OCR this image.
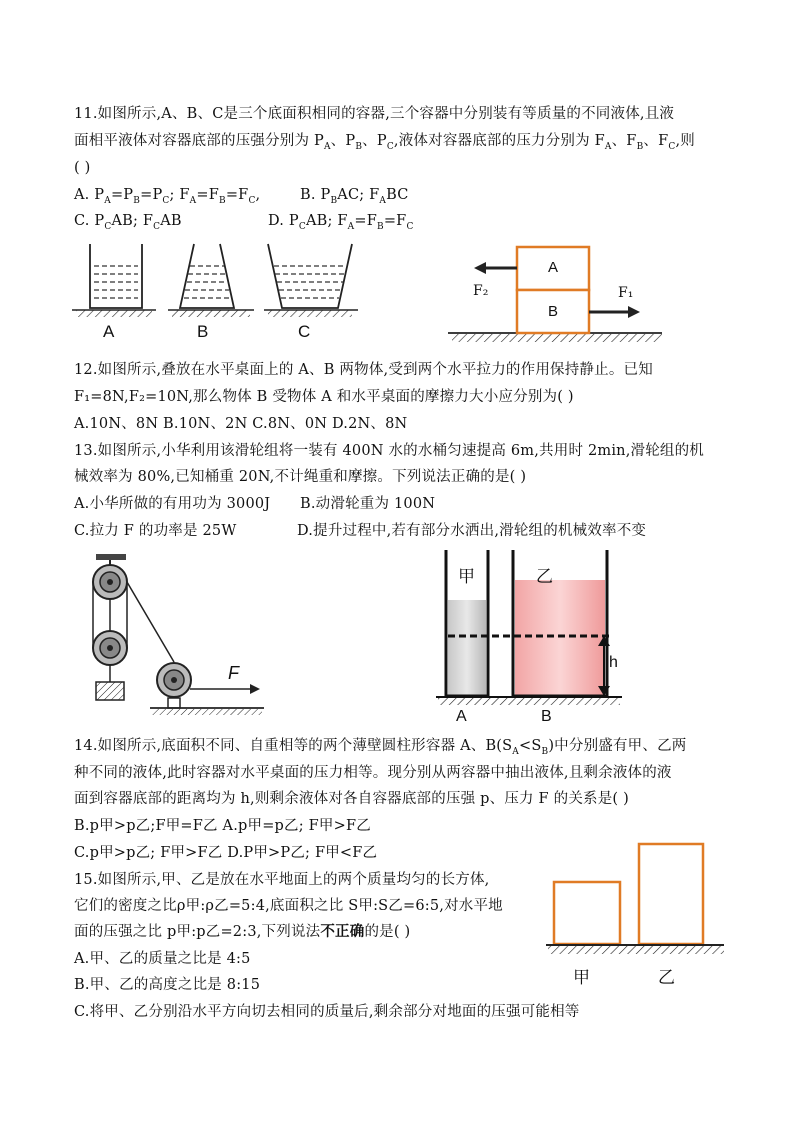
11.如图所示,A、B、C是三个底面积相同的容器,三个容器中分别装有等质量的不同液体,且液
面相平液体对容器底部的压强分别为 $P_A$、$P_B$、$P_C$,液体对容器底部的压力分别为 $F_A$、$F_B$、$F_C$,则
( )
A. $P_A=P_B=P_C$; $F_A=F_B=F_C$,	B. $P_BAC$; $F_ABC$
C. $P_CAB$; $F_CAB$	D. $P_CAB$; $F_A=F_B=F_C$
A	B	C
A
B
F₂	F₁
12.如图所示,叠放在水平桌面上的 A、B 两物体,受到两个水平拉力的作用保持静止。已知
F₁=8N,F₂=10N,那么物体 B 受物体 A 和水平桌面的摩擦力大小应分别为( )
A.10N、8N B.10N、2N C.8N、0N D.2N、8N
13.如图所示,小华利用该滑轮组将一装有 400N 水的水桶匀速提高 6m,共用时 2min,滑轮组的机
械效率为 80%,已知桶重 20N,不计绳重和摩擦。下列说法正确的是( )
A.小华所做的有用功为 3000J B.动滑轮重为 100N
C.拉力 F 的功率是 25W	D.提升过程中,若有部分水洒出,滑轮组的机械效率不变
F
甲	乙
h
A	B
14.如图所示,底面积不同、自重相等的两个薄壁圆柱形容器 A、$B(S_A<S_B)$中分别盛有甲、乙两
种不同的液体,此时容器对水平桌面的压力相等。现分别从两容器中抽出液体,且剩余液体的液
面到容器底部的距离均为 h,则剩余液体对各自容器底部的压强 p、压力 F 的关系是( )
B.p甲>p乙;F甲=F乙 A.p甲=p乙; F甲>F乙
C.p甲>p乙; F甲>F乙 D.P甲>P乙; F甲<F乙
15.如图所示,甲、乙是放在水平地面上的两个质量均匀的长方体,
它们的密度之比ρ甲:ρ乙=5:4,底面积之比 S甲:S乙=6:5,对水平地
面的压强之比 p甲:p乙=2:3,下列说法不正确的是( )
A.甲、乙的质量之比是 4:5
B.甲、乙的高度之比是 8:15
C.将甲、乙分别沿水平方向切去相同的质量后,剩余部分对地面的压强可能相等
甲	乙
